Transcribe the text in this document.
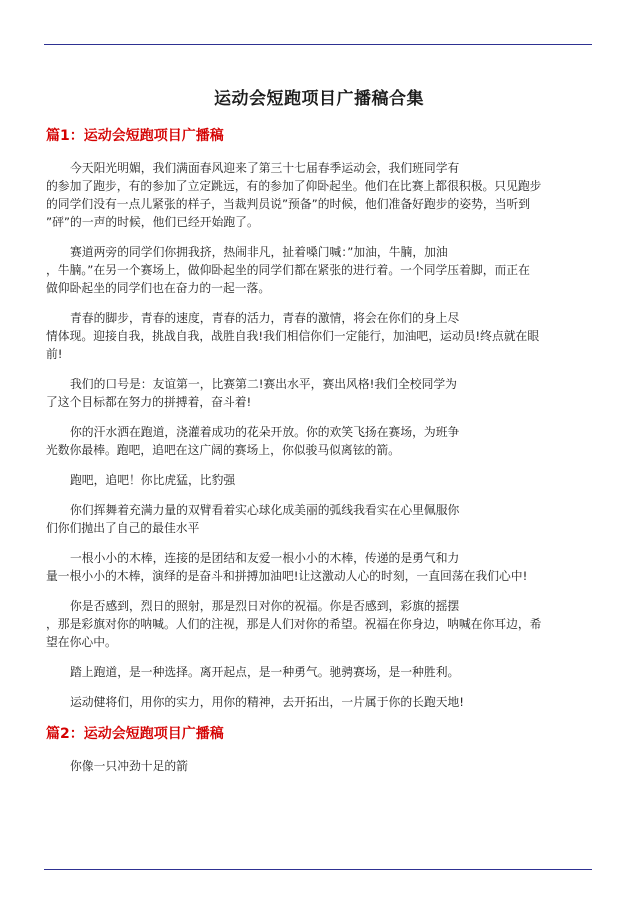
运动会短跑项目广播稿合集
篇1：运动会短跑项目广播稿

今天阳光明媚，我们满面春风迎来了第三十七届春季运动会，我们班同学有

的参加了跑步，有的参加了立定跳远，有的参加了仰卧起坐。他们在比赛上都很积极。只见跑步

的同学们没有一点儿紧张的样子，当裁判员说”预备”的时候，他们准备好跑步的姿势，当听到

”砰”的一声的时候，他们已经开始跑了。

赛道两旁的同学们你拥我挤，热闹非凡，扯着嗓门喊：”加油，牛腩，加油

，牛腩。”在另一个赛场上，做仰卧起坐的同学们都在紧张的进行着。一个同学压着脚，而正在

做仰卧起坐的同学们也在奋力的一起一落。

青春的脚步，青春的速度，青春的活力，青春的激情，将会在你们的身上尽

情体现。迎接自我，挑战自我，战胜自我!我们相信你们一定能行，加油吧，运动员!终点就在眼

前!

我们的口号是：友谊第一，比赛第二!赛出水平，赛出风格!我们全校同学为

了这个目标都在努力的拼搏着，奋斗着!

你的汗水洒在跑道，浇灌着成功的花朵开放。你的欢笑飞扬在赛场，为班争

光数你最棒。跑吧，追吧在这广阔的赛场上，你似骏马似离铉的箭。

跑吧，追吧！你比虎猛，比豹强

你们挥舞着充满力量的双臂看着实心球化成美丽的弧线我看实在心里佩服你

们你们抛出了自己的最佳水平

一根小小的木棒，连接的是团结和友爱一根小小的木棒，传递的是勇气和力

量一根小小的木棒，演绎的是奋斗和拼搏加油吧!让这激动人心的时刻，一直回荡在我们心中!

你是否感到，烈日的照射，那是烈日对你的祝福。你是否感到，彩旗的摇摆

，那是彩旗对你的呐喊。人们的注视，那是人们对你的希望。祝福在你身边，呐喊在你耳边，希

望在你心中。

踏上跑道，是一种选择。离开起点，是一种勇气。驰骋赛场，是一种胜利。

运动健将们，用你的实力，用你的精神，去开拓出，一片属于你的长跑天地!

篇2：运动会短跑项目广播稿

你像一只冲劲十足的箭
